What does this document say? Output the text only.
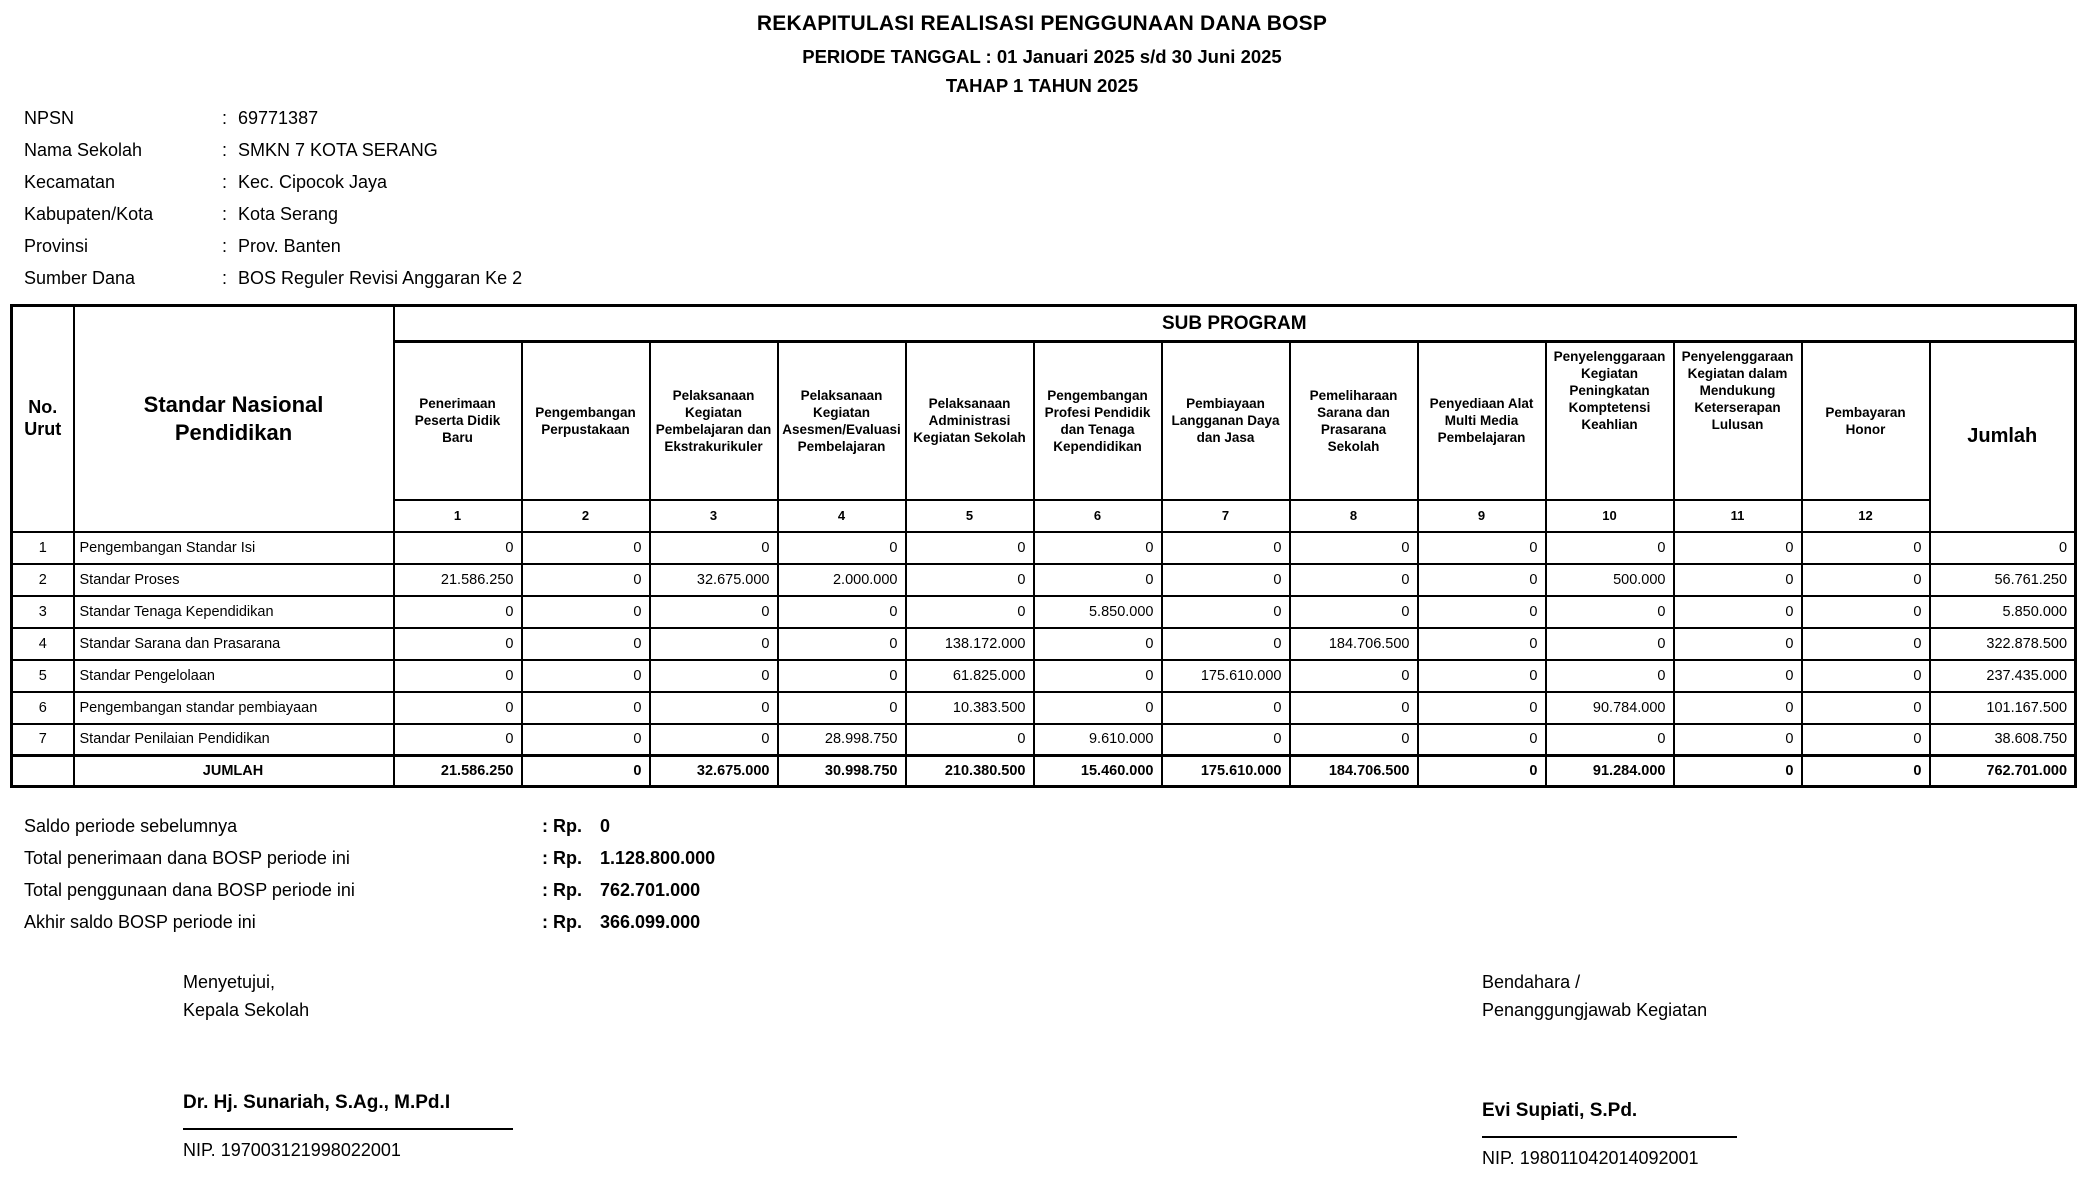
REKAPITULASI REALISASI PENGGUNAAN DANA BOSP
PERIODE TANGGAL : 01 Januari 2025 s/d 30 Juni 2025
TAHAP 1 TAHUN 2025
NPSN	: 69771387
Nama Sekolah	: SMKN 7 KOTA SERANG
Kecamatan	: Kec. Cipocok Jaya
Kabupaten/Kota	: Kota Serang
Provinsi	: Prov. Banten
Sumber Dana	: BOS Reguler Revisi Anggaran Ke 2
No. Urut	Standar Nasional Pendidikan	SUB PROGRAM												
		Penerimaan Peserta Didik Baru	Pengembangan Perpustakaan	Pelaksanaan Kegiatan Pembelajaran dan Ekstrakurikuler	Pelaksanaan Kegiatan Asesmen/Evaluasi Pembelajaran	Pelaksanaan Administrasi Kegiatan Sekolah	Pengembangan Profesi Pendidik dan Tenaga Kependidikan	Pembiayaan Langganan Daya dan Jasa	Pemeliharaan Sarana dan Prasarana Sekolah	Penyediaan Alat Multi Media Pembelajaran	Penyelenggaraan Kegiatan Peningkatan Komptetensi Keahlian	Penyelenggaraan Kegiatan dalam Mendukung Keterserapan Lulusan	Pembayaran Honor	Jumlah
		1	2	3	4	5	6	7	8	9	10	11	12	
1	Pengembangan Standar Isi	0	0	0	0	0	0	0	0	0	0	0	0	0
2	Standar Proses	21.586.250	0	32.675.000	2.000.000	0	0	0	0	0	500.000	0	0	56.761.250
3	Standar Tenaga Kependidikan	0	0	0	0	0	5.850.000	0	0	0	0	0	0	5.850.000
4	Standar Sarana dan Prasarana	0	0	0	0	138.172.000	0	0	184.706.500	0	0	0	0	322.878.500
5	Standar Pengelolaan	0	0	0	0	61.825.000	0	175.610.000	0	0	0	0	0	237.435.000
6	Pengembangan standar pembiayaan	0	0	0	0	10.383.500	0	0	0	0	90.784.000	0	0	101.167.500
7	Standar Penilaian Pendidikan	0	0	0	28.998.750	0	9.610.000	0	0	0	0	0	0	38.608.750
	JUMLAH	21.586.250	0	32.675.000	30.998.750	210.380.500	15.460.000	175.610.000	184.706.500	0	91.284.000	0	0	762.701.000
Saldo periode sebelumnya	: Rp.	0
Total penerimaan dana BOSP periode ini	: Rp.	1.128.800.000
Total penggunaan dana BOSP periode ini	: Rp.	762.701.000
Akhir saldo BOSP periode ini	: Rp.	366.099.000
Menyetujui,
Kepala Sekolah
Dr. Hj. Sunariah, S.Ag., M.Pd.I
NIP. 197003121998022001
Bendahara /
Penanggungjawab Kegiatan
Evi Supiati, S.Pd.
NIP. 198011042014092001
